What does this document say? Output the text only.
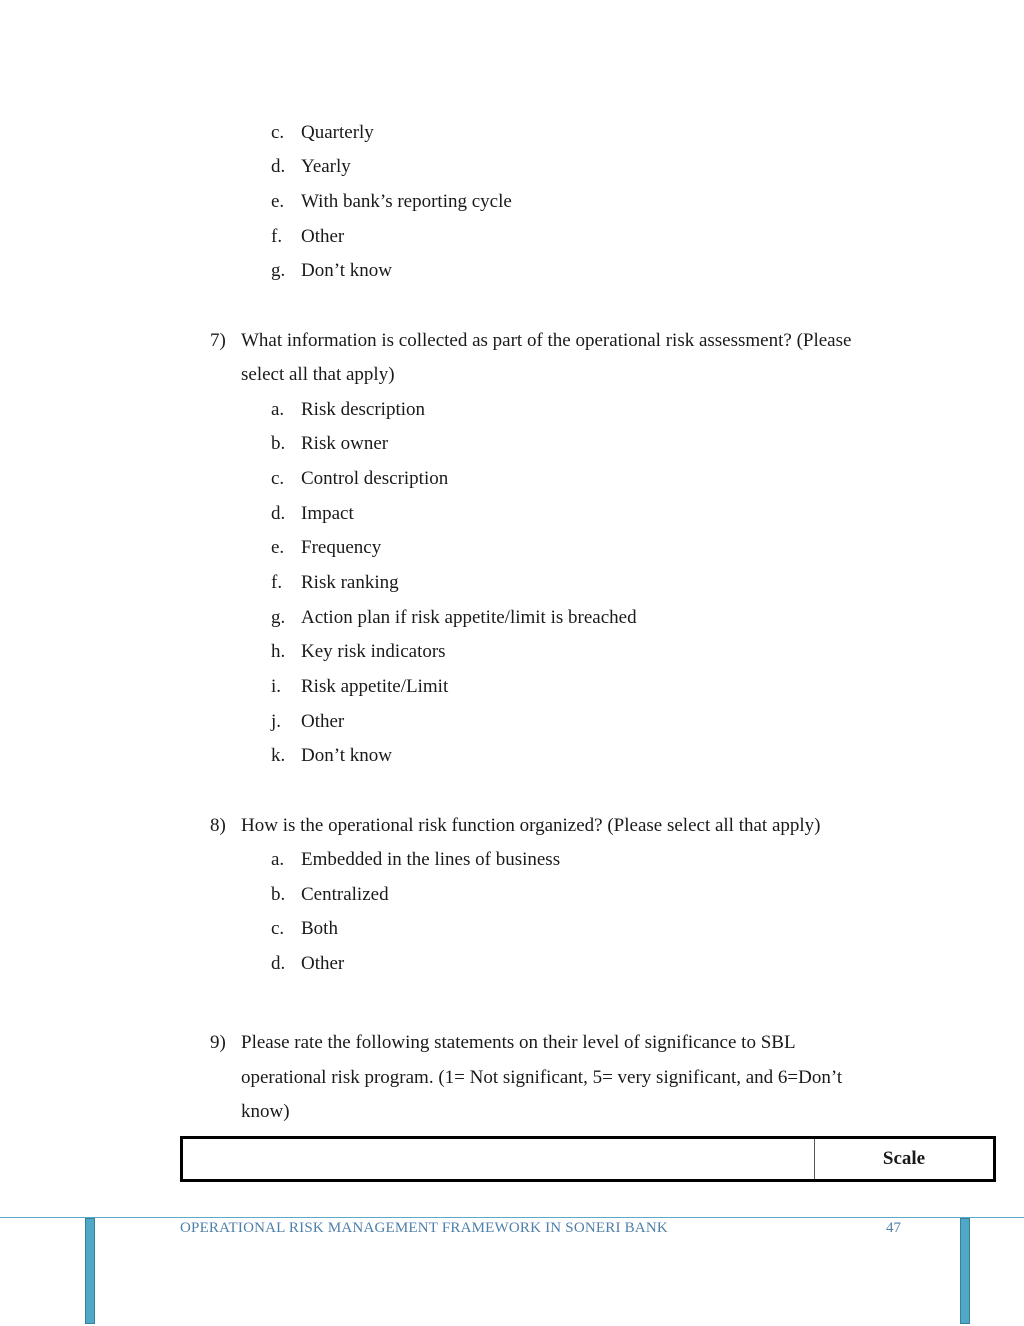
c. Quarterly
d. Yearly
e. With bank’s reporting cycle
f. Other
g. Don’t know
7) What information is collected as part of the operational risk assessment? (Please
select all that apply)
a. Risk description
b. Risk owner
c. Control description
d. Impact
e. Frequency
f. Risk ranking
g. Action plan if risk appetite/limit is breached
h. Key risk indicators
i. Risk appetite/Limit
j. Other
k. Don’t know
8) How is the operational risk function organized? (Please select all that apply)
a. Embedded in the lines of business
b. Centralized
c. Both
d. Other
9) Please rate the following statements on their level of significance to SBL
operational risk program. (1= Not significant, 5= very significant, and 6=Don’t
know)
Scale
OPERATIONAL RISK MANAGEMENT FRAMEWORK IN SONERI BANK	47
